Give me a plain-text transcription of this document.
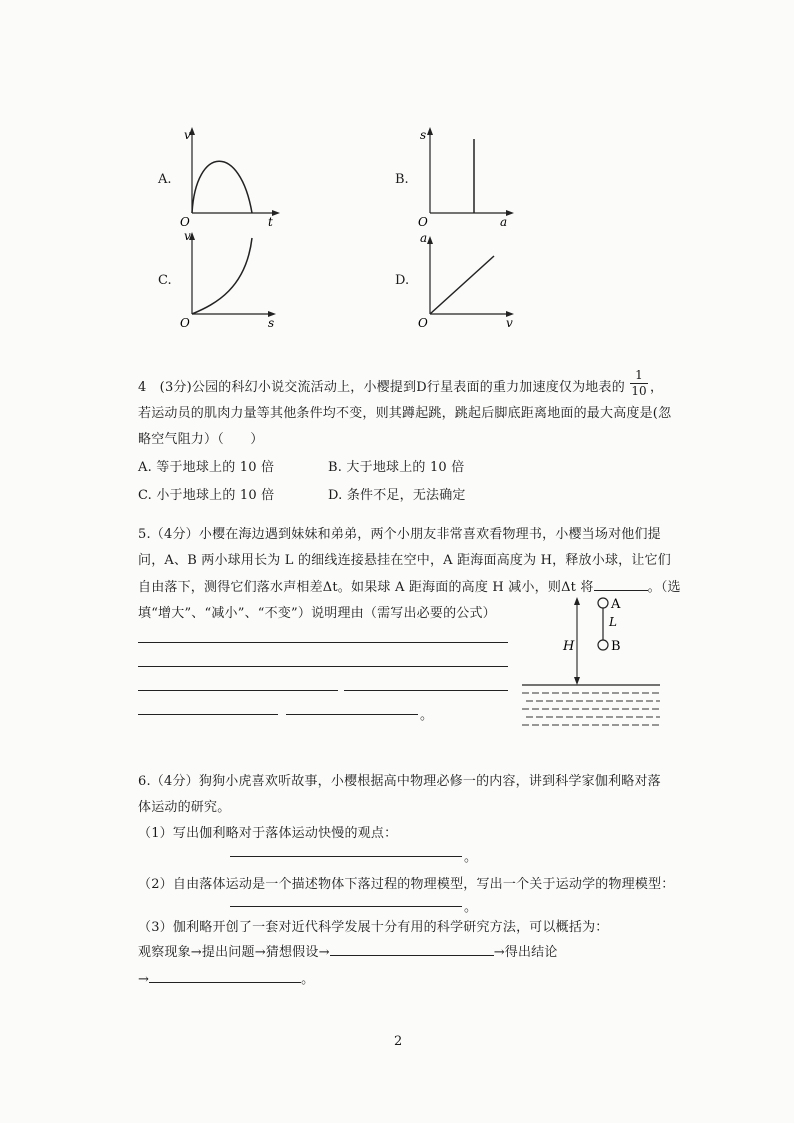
A.
v
O	t
B.
s
O	a
C.
v
O	s
D.
a
O	v
4　(3分)公园的科幻小说交流活动上，小樱提到D行星表面的重力加速度仅为地表的
1
10 ，
若运动员的肌肉力量等其他条件均不变，则其蹲起跳，跳起后脚底距离地面的最大高度是(忽
略空气阻力）（　　）
A. 等于地球上的 10 倍	B. 大于地球上的 10 倍
C. 小于地球上的 10 倍	D. 条件不足，无法确定
5.（4分）小樱在海边遇到妹妹和弟弟，两个小朋友非常喜欢看物理书，小樱当场对他们提
问，A、B 两小球用长为 L 的细线连接悬挂在空中，A 距海面高度为 H，释放小球，让它们
自由落下，测得它们落水声相差Δt。如果球 A 距海面的高度 H 减小，则Δt 将	。（选
填“增大”、“减小”、“不变”）说明理由（需写出必要的公式）
。
H
A
L
B
6.（4分）狗狗小虎喜欢听故事，小樱根据高中物理必修一的内容，讲到科学家伽利略对落
体运动的研究。
（1）写出伽利略对于落体运动快慢的观点：
。
（2）自由落体运动是一个描述物体下落过程的物理模型，写出一个关于运动学的物理模型：
。
（3）伽利略开创了一套对近代科学发展十分有用的科学研究方法，可以概括为：
观察现象→提出问题→猜想假设→	→得出结论
→	。
2
